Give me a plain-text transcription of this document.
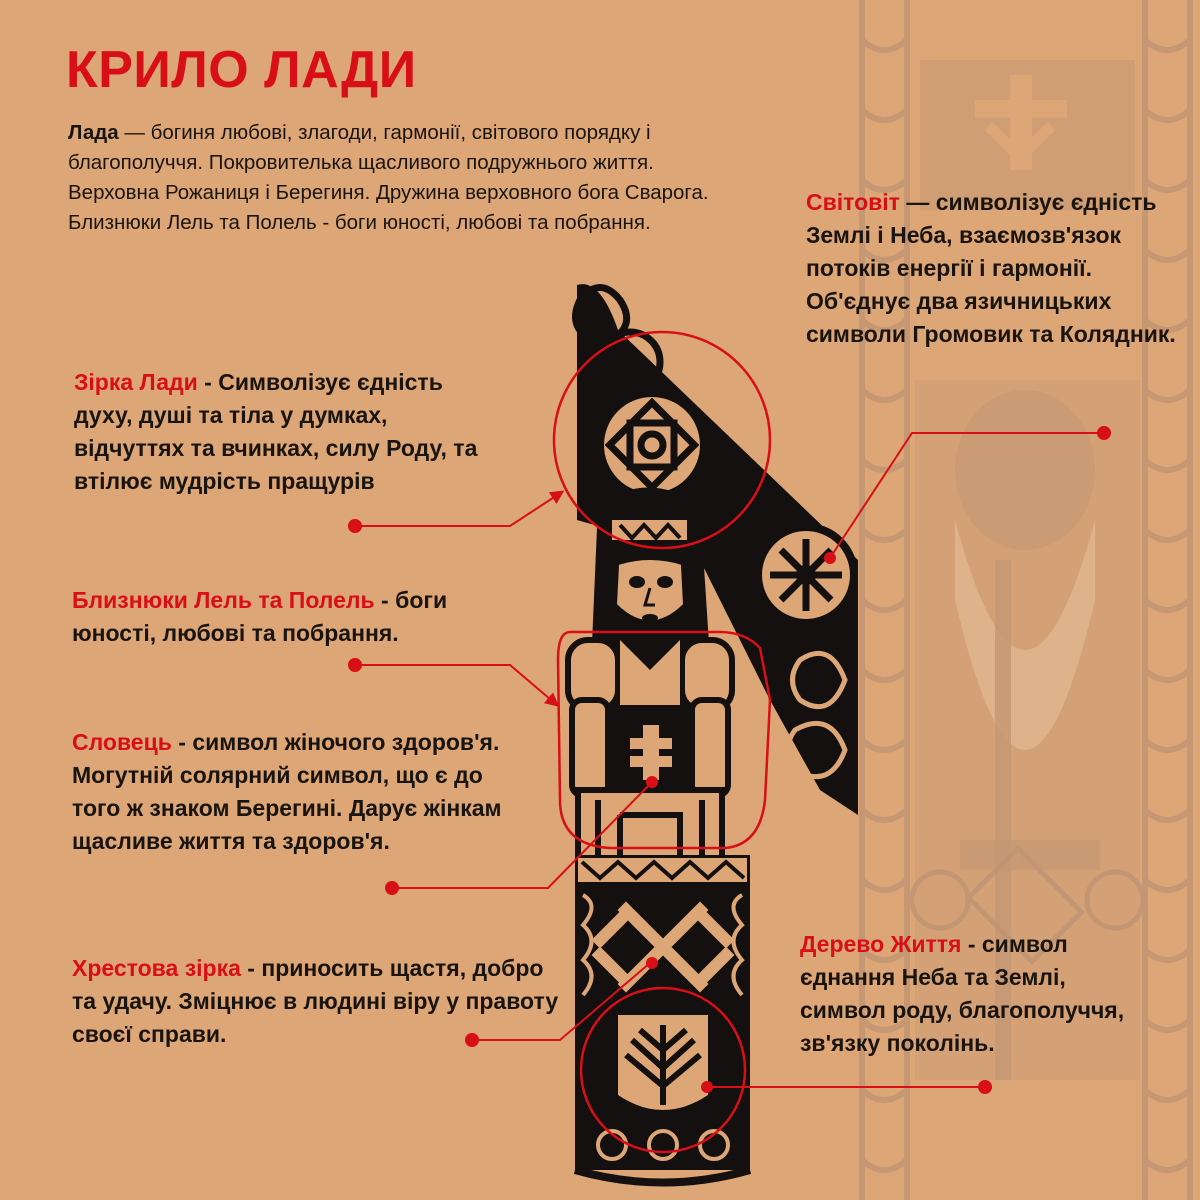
КРИЛО ЛАДИ
Лада — богиня любові, злагоди, гармонії, світового порядку і благополуччя. Покровителька щасливого подружнього життя. Верховна Рожаниця і Берегиня. Дружина верховного бога Сварога. Близнюки Лель та Полель - боги юності, любові та побрання.
Зірка Лади - Символізує єдність духу, душі та тіла у думках, відчуттях та вчинках, силу Роду, та втілює мудрість пращурів
Близнюки Лель та Полель - боги юності, любові та побрання.
Словець - символ жіночого здоров'я. Могутній солярний символ, що є до того ж знаком Берегині. Дарує жінкам щасливе життя та здоров'я.
Хрестова зірка - приносить щастя, добро та удачу. Зміцнює в людині віру у правоту своєї справи.
Світовіт — символізує єдність Землі і Неба, взаємозв'язок потоків енергії і гармонії. Об'єднує два язичницьких символи Громовик та Колядник.
Дерево Життя - символ єднання Неба та Землі, символ роду, благополуччя, зв'язку поколінь.
